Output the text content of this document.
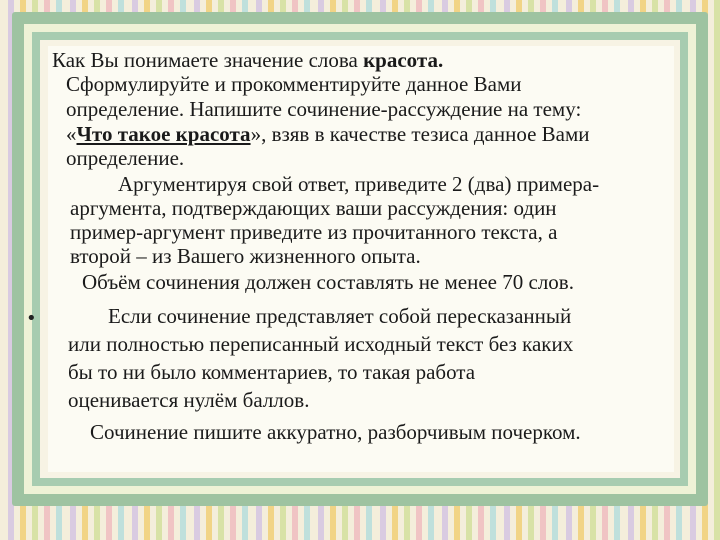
Как Вы понимаете значение слова красота.
Сформулируйте и прокомментируйте данное Вами
определение. Напишите сочинение-рассуждение на тему:
«Что такое красота», взяв в качестве тезиса данное Вами
определение.
Аргументируя свой ответ, приведите 2 (два) примера-
аргумента, подтверждающих ваши рассуждения: один
пример-аргумент приведите из прочитанного текста, а
второй – из Вашего жизненного опыта.
Объём сочинения должен составлять не менее 70 слов.
Если сочинение представляет собой пересказанный
или полностью переписанный исходный текст без каких
бы то ни было комментариев, то такая работа
оценивается нулём баллов.
Сочинение пишите аккуратно, разборчивым почерком.
•
